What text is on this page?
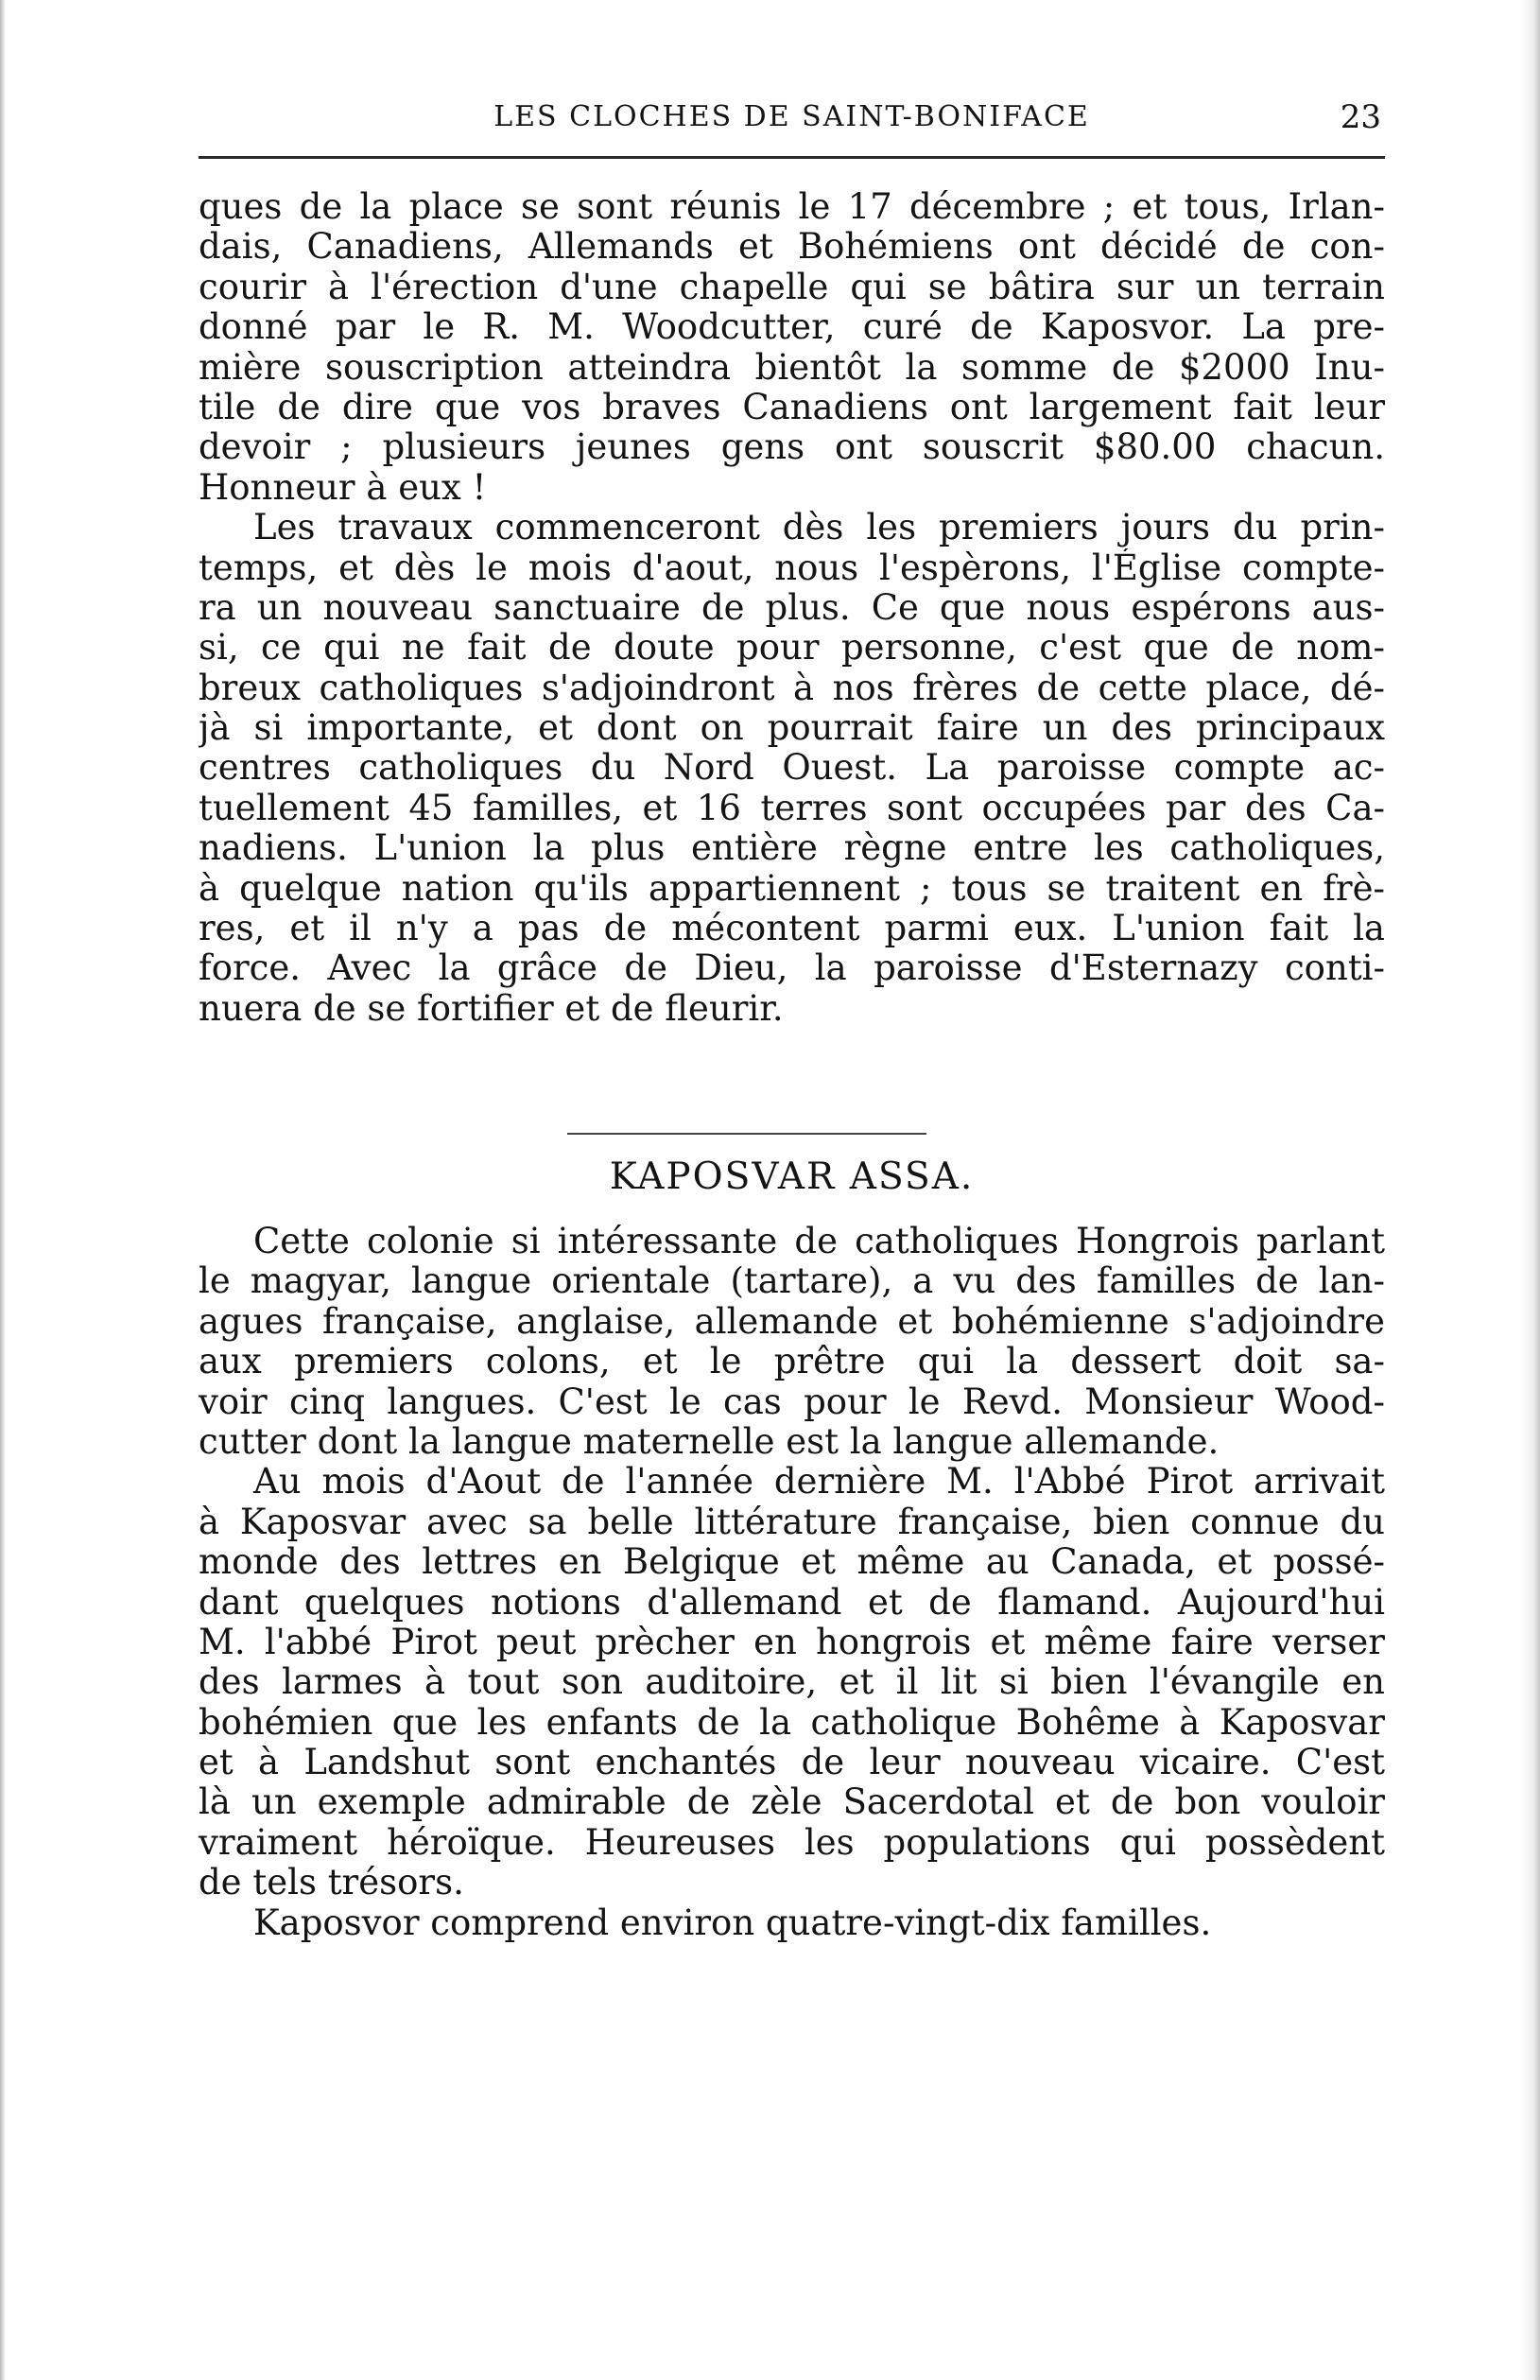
LES CLOCHES DE SAINT-BONIFACE	23
ques de la place se sont réunis le 17 décembre ; et tous, Irlan-
dais, Canadiens, Allemands et Bohémiens ont décidé de con-
courir à l'érection d'une chapelle qui se bâtira sur un terrain
donné par le R. M. Woodcutter, curé de Kaposvor. La pre-
mière souscription atteindra bientôt la somme de $2000 Inu-
tile de dire que vos braves Canadiens ont largement fait leur
devoir ; plusieurs jeunes gens ont souscrit $80.00 chacun.
Honneur à eux !
Les travaux commenceront dès les premiers jours du prin-
temps, et dès le mois d'aout, nous l'espèrons, l'Église compte-
ra un nouveau sanctuaire de plus. Ce que nous espérons aus-
si, ce qui ne fait de doute pour personne, c'est que de nom-
breux catholiques s'adjoindront à nos frères de cette place, dé-
jà si importante, et dont on pourrait faire un des principaux
centres catholiques du Nord Ouest. La paroisse compte ac-
tuellement 45 familles, et 16 terres sont occupées par des Ca-
nadiens. L'union la plus entière règne entre les catholiques,
à quelque nation qu'ils appartiennent ; tous se traitent en frè-
res, et il n'y a pas de mécontent parmi eux. L'union fait la
force. Avec la grâce de Dieu, la paroisse d'Esternazy conti-
nuera de se fortifier et de fleurir.
KAPOSVAR ASSA.
Cette colonie si intéressante de catholiques Hongrois parlant
le magyar, langue orientale (tartare), a vu des familles de lan-
agues française, anglaise, allemande et bohémienne s'adjoindre
aux premiers colons, et le prêtre qui la dessert doit sa-
voir cinq langues. C'est le cas pour le Revd. Monsieur Wood-
cutter dont la langue maternelle est la langue allemande.
Au mois d'Aout de l'année dernière M. l'Abbé Pirot arrivait
à Kaposvar avec sa belle littérature française, bien connue du
monde des lettres en Belgique et même au Canada, et possé-
dant quelques notions d'allemand et de flamand. Aujourd'hui
M. l'abbé Pirot peut prècher en hongrois et même faire verser
des larmes à tout son auditoire, et il lit si bien l'évangile en
bohémien que les enfants de la catholique Bohême à Kaposvar
et à Landshut sont enchantés de leur nouveau vicaire. C'est
là un exemple admirable de zèle Sacerdotal et de bon vouloir
vraiment héroïque. Heureuses les populations qui possèdent
de tels trésors.
Kaposvor comprend environ quatre-vingt-dix familles.
